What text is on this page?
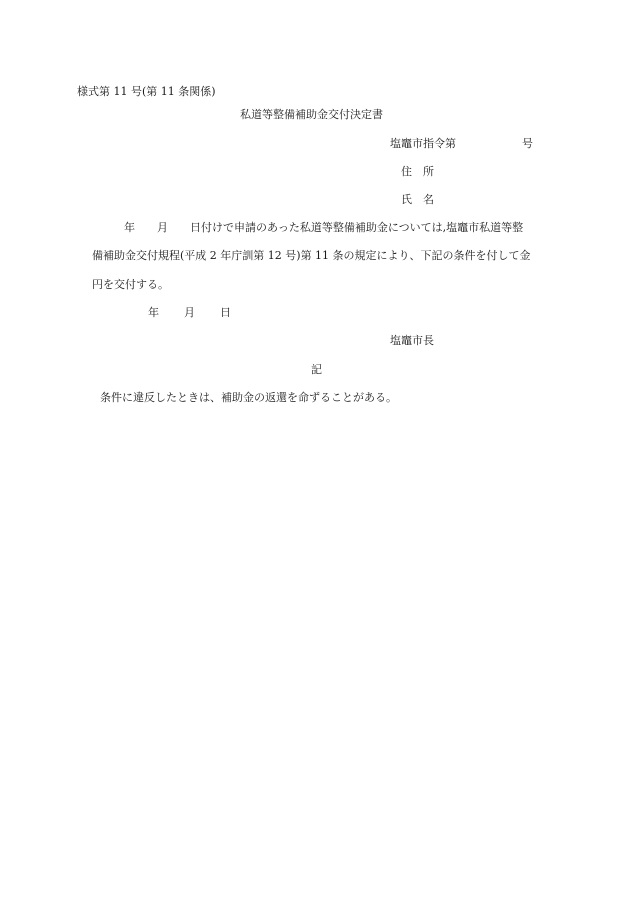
様式第 11 号(第 11 条関係)
私道等整備補助金交付決定書
塩竈市指令第	号
住　所
氏　名
年　　月　　日付けで申請のあった私道等整備補助金については,塩竈市私道等整
備補助金交付規程(平成 2 年庁訓第 12 号)第 11 条の規定により、下記の条件を付して金
円を交付する。
年 月 日
塩竈市長
記
条件に違反したときは、補助金の返還を命ずることがある。
